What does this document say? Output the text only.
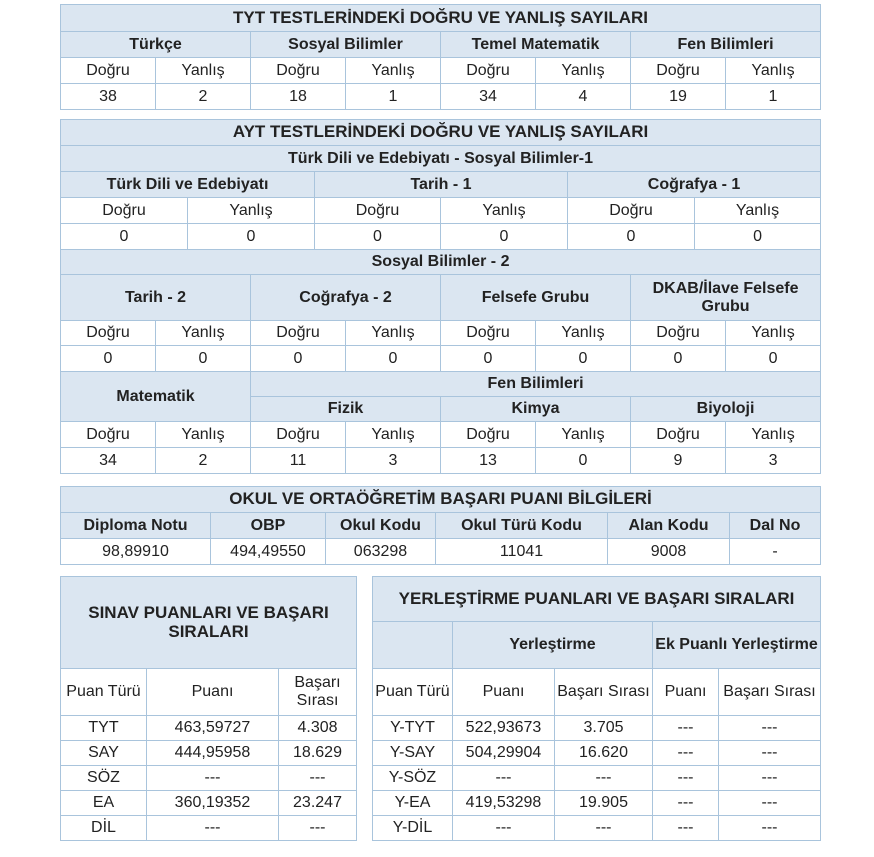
TYT TESTLERİNDEKİ DOĞRU VE YANLIŞ SAYILARI							
Türkçe		Sosyal Bilimler		Temel Matematik		Fen Bilimleri	
Doğru	Yanlış	Doğru	Yanlış	Doğru	Yanlış	Doğru	Yanlış
38	2	18	1	34	4	19	1
AYT TESTLERİNDEKİ DOĞRU VE YANLIŞ SAYILARI					
Türk Dili ve Edebiyatı - Sosyal Bilimler-1					
Türk Dili ve Edebiyatı		Tarih - 1		Coğrafya - 1	
Doğru	Yanlış	Doğru	Yanlış	Doğru	Yanlış
0	0	0	0	0	0
Sosyal Bilimler - 2							
Tarih - 2		Coğrafya - 2		Felsefe Grubu		DKAB/İlave Felsefe Grubu	
Doğru	Yanlış	Doğru	Yanlış	Doğru	Yanlış	Doğru	Yanlış
0	0	0	0	0	0	0	0
Matematik		Fen Bilimleri					
		Fizik		Kimya		Biyoloji	
Doğru	Yanlış	Doğru	Yanlış	Doğru	Yanlış	Doğru	Yanlış
34	2	11	3	13	0	9	3
OKUL VE ORTAÖĞRETİM BAŞARI PUANI BİLGİLERİ					
Diploma Notu	OBP	Okul Kodu	Okul Türü Kodu	Alan Kodu	Dal No
98,89910	494,49550	063298	11041	9008	-
SINAV PUANLARI VE BAŞARI SIRALARI		
Puan Türü	Puanı	Başarı Sırası
TYT	463,59727	4.308
SAY	444,95958	18.629
SÖZ	---	---
EA	360,19352	23.247
DİL	---	---
YERLEŞTİRME PUANLARI VE BAŞARI SIRALARI				
	Yerleştirme		Ek Puanlı Yerleştirme	
Puan Türü	Puanı	Başarı Sırası	Puanı	Başarı Sırası
Y-TYT	522,93673	3.705	---	---
Y-SAY	504,29904	16.620	---	---
Y-SÖZ	---	---	---	---
Y-EA	419,53298	19.905	---	---
Y-DİL	---	---	---	---
